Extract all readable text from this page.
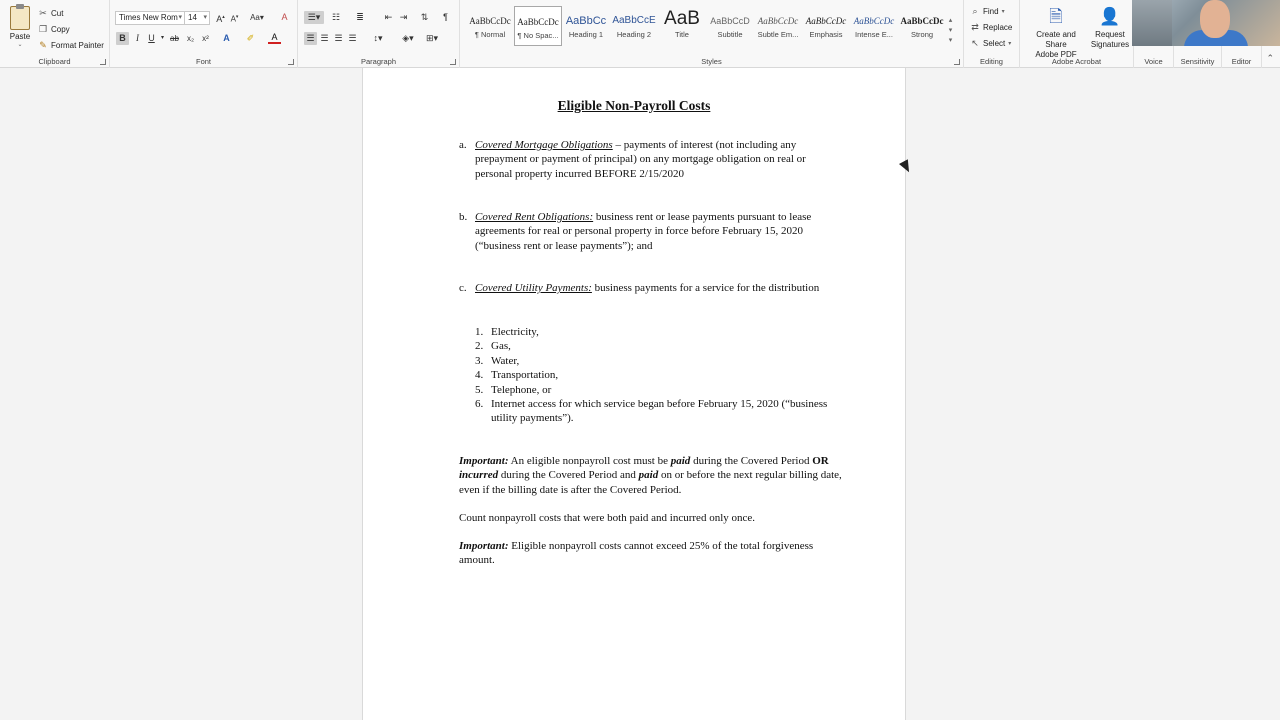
Paste
⌄
✂ Cut
❐ Copy
✎ Format Painter
Clipboard
Times New Rom ▾ 14 ▾ A▴ A▾	Aa▾	A
B	I	U	▾ ab x₂	x²	A	✐	A
Font
☰▾	☷	≣	⇤ ⇥	⇅	¶
☰ ☰ ☰ ☰	↕▾	◈▾	⊞▾
Paragraph	Styles
AaBbCcDc
¶ Normal
AaBbCcDc
¶ No Spac...
AaBbCc
Heading 1
AaBbCcE
Heading 2
AaB
Title
AaBbCcD
Subtitle
AaBbCcDc
Subtle Em...
AaBbCcDc
Emphasis
AaBbCcDc
Intense E...
AaBbCcDc
Strong
▴
▾
▾
⌕ Find ▾
⇄ Replace
↖ Select ▾
Editing
🗎
Create and Share
Adobe PDF
👤
Request
Signatures
Adobe Acrobat	Voice	Sensitivity	Editor	⌃
Eligible Non-Payroll Costs
a. Covered Mortgage Obligations – payments of interest (not including any prepayment or payment of principal) on any mortgage obligation on real or personal property incurred BEFORE 2/15/2020
b. Covered Rent Obligations: business rent or lease payments pursuant to lease agreements for real or personal property in force before February 15, 2020 (“business rent or lease payments”); and
c. Covered Utility Payments: business payments for a service for the distribution
1. Electricity,
2. Gas,
3. Water,
4. Transportation,
5. Telephone, or
6. Internet access for which service began before February 15, 2020 (“business utility payments”).
Important: An eligible nonpayroll cost must be paid during the Covered Period OR incurred during the Covered Period and paid on or before the next regular billing date, even if the billing date is after the Covered Period.
Count nonpayroll costs that were both paid and incurred only once.
Important: Eligible nonpayroll costs cannot exceed 25% of the total forgiveness amount.
